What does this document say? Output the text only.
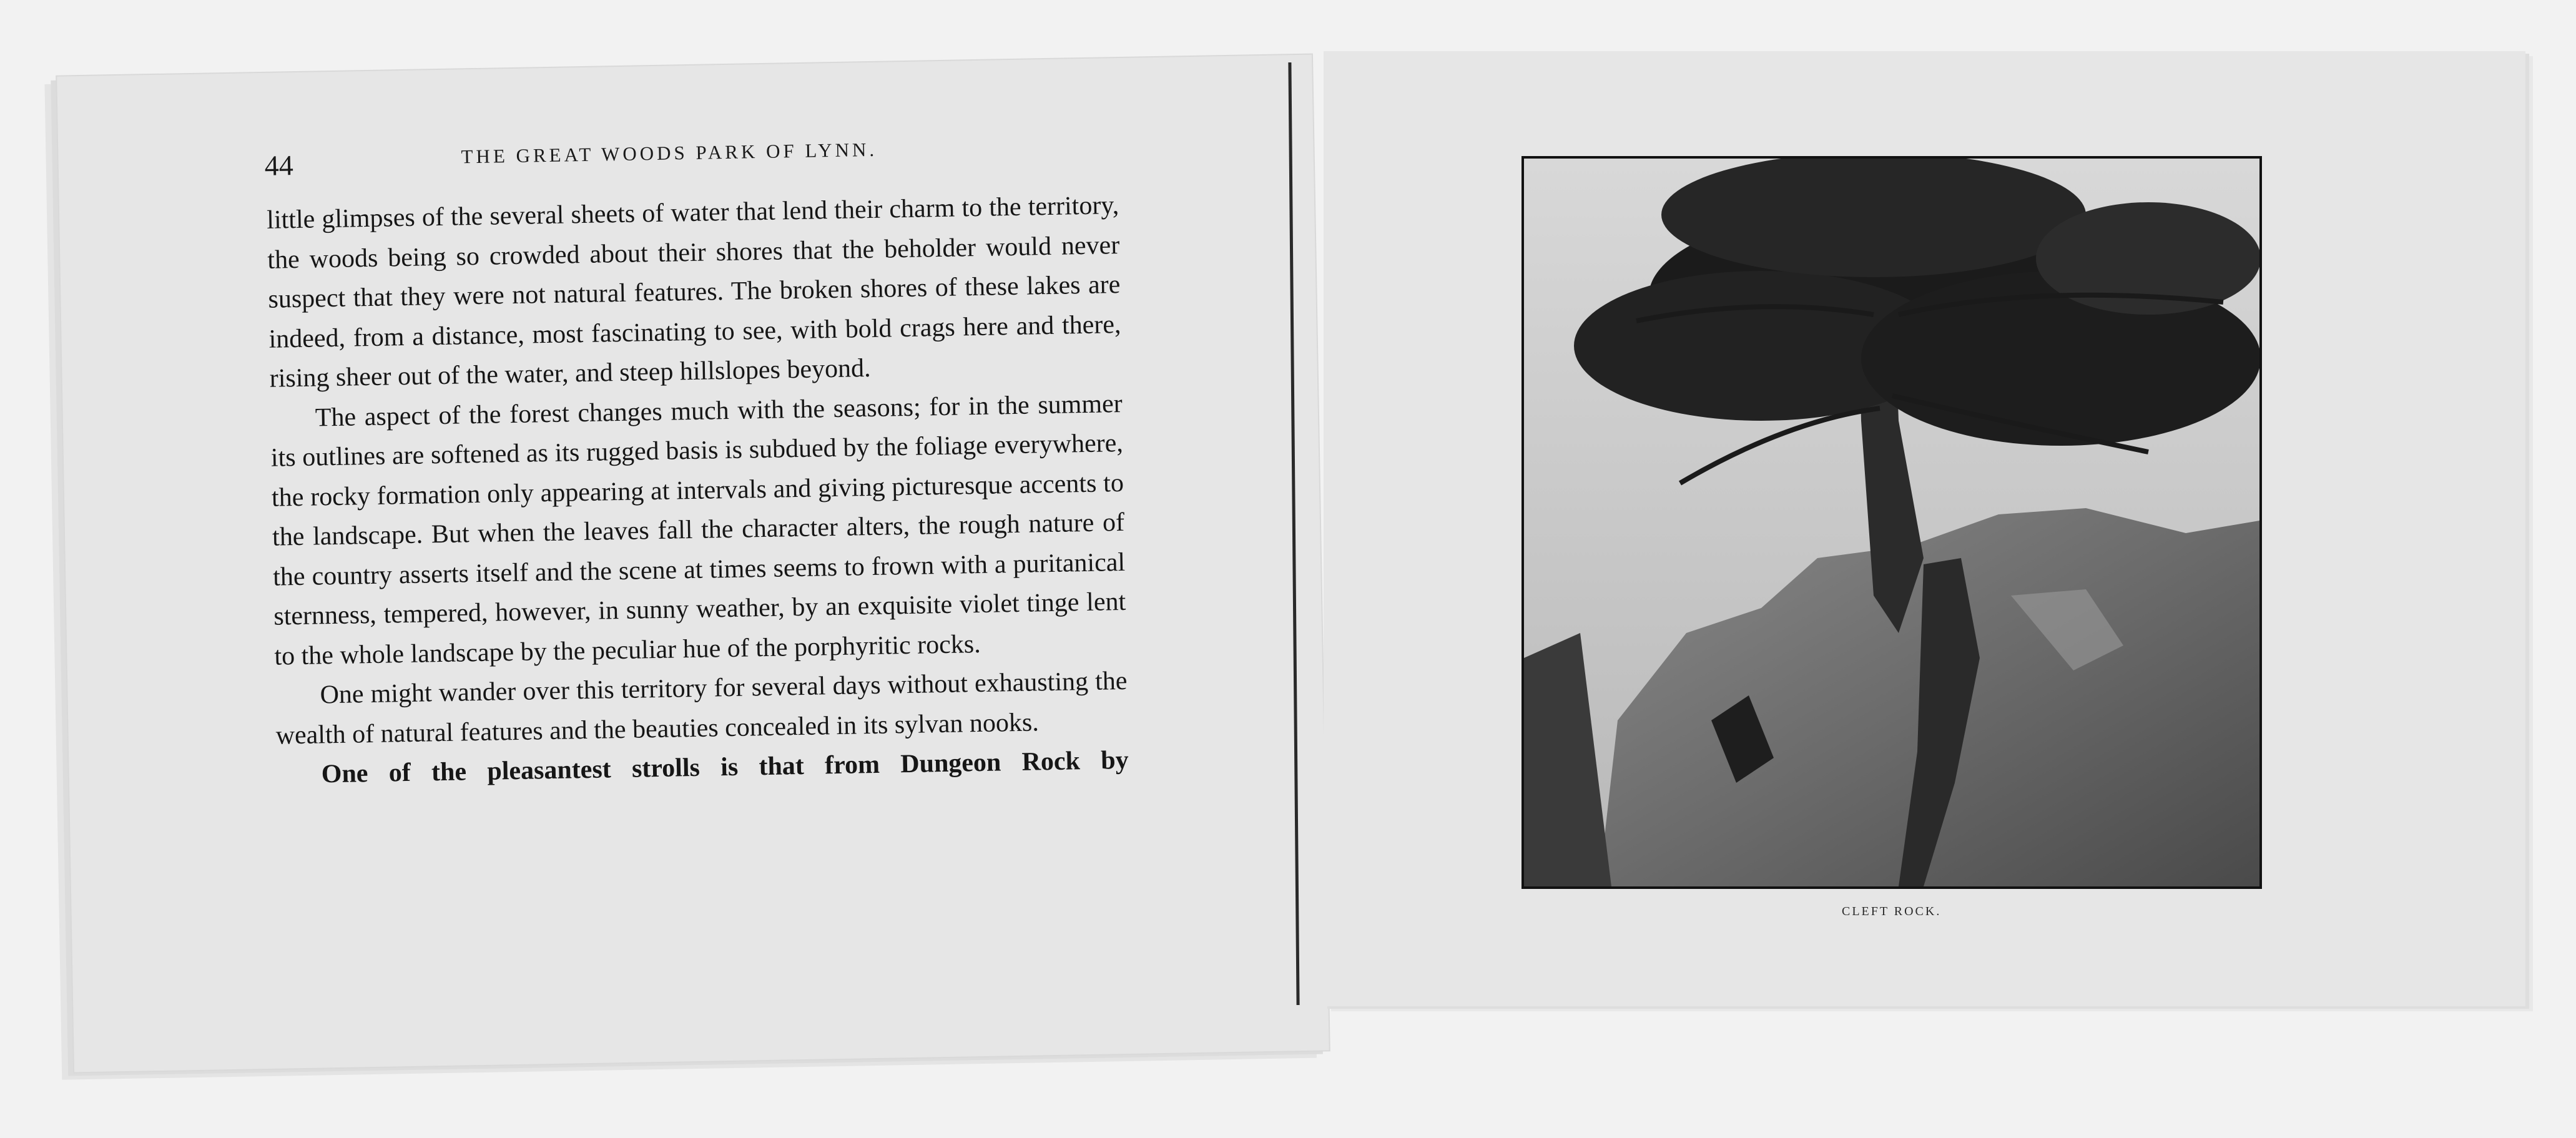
44	THE GREAT WOODS PARK OF LYNN.

little glimpses of the several sheets of water that lend their charm to the territory, the woods being so crowded about their shores that the beholder would never suspect that they were not natural features. The broken shores of these lakes are indeed, from a distance, most fascinating to see, with bold crags here and there, rising sheer out of the water, and steep hillslopes beyond.

The aspect of the forest changes much with the seasons; for in the summer its outlines are softened as its rugged basis is subdued by the foliage everywhere, the rocky formation only appearing at intervals and giving picturesque accents to the landscape. But when the leaves fall the character alters, the rough nature of the country asserts itself and the scene at times seems to frown with a puritanical sternness, tempered, however, in sunny weather, by an exquisite violet tinge lent to the whole landscape by the peculiar hue of the porphyritic rocks.

One might wander over this territory for several days without exhausting the wealth of natural features and the beauties concealed in its sylvan nooks.

One of the pleasantest strolls is that from Dungeon Rock by

CLEFT ROCK.
